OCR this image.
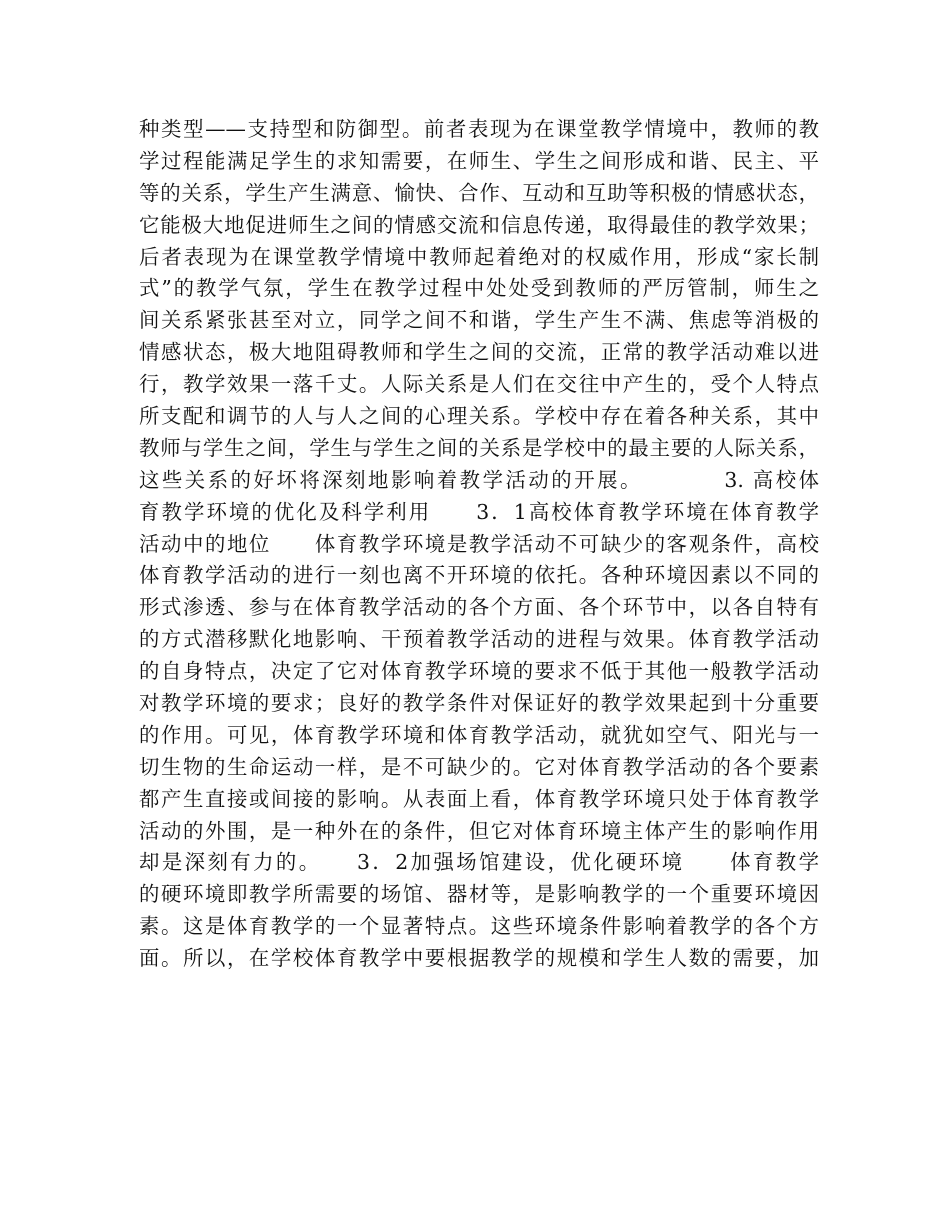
种类型——支持型和防御型。前者表现为在课堂教学情境中，教师的教
学过程能满足学生的求知需要，在师生、学生之间形成和谐、民主、平
等的关系，学生产生满意、愉快、合作、互动和互助等积极的情感状态，
它能极大地促进师生之间的情感交流和信息传递，取得最佳的教学效果；
后者表现为在课堂教学情境中教师起着绝对的权威作用，形成“家长制
式”的教学气氛，学生在教学过程中处处受到教师的严厉管制，师生之
间关系紧张甚至对立，同学之间不和谐，学生产生不满、焦虑等消极的
情感状态，极大地阻碍教师和学生之间的交流，正常的教学活动难以进
行，教学效果一落千丈。人际关系是人们在交往中产生的，受个人特点
所支配和调节的人与人之间的心理关系。学校中存在着各种关系，其中
教师与学生之间，学生与学生之间的关系是学校中的最主要的人际关系，
这些关系的好坏将深刻地影响着教学活动的开展。　　　　3. 高校体
育教学环境的优化及科学利用　　3．1高校体育教学环境在体育教学
活动中的地位　　体育教学环境是教学活动不可缺少的客观条件，高校
体育教学活动的进行一刻也离不开环境的依托。各种环境因素以不同的
形式渗透、参与在体育教学活动的各个方面、各个环节中，以各自特有
的方式潜移默化地影响、干预着教学活动的进程与效果。体育教学活动
的自身特点，决定了它对体育教学环境的要求不低于其他一般教学活动
对教学环境的要求；良好的教学条件对保证好的教学效果起到十分重要
的作用。可见，体育教学环境和体育教学活动，就犹如空气、阳光与一
切生物的生命运动一样，是不可缺少的。它对体育教学活动的各个要素
都产生直接或间接的影响。从表面上看，体育教学环境只处于体育教学
活动的外围，是一种外在的条件，但它对体育环境主体产生的影响作用
却是深刻有力的。　　3．2加强场馆建设，优化硬环境　　体育教学
的硬环境即教学所需要的场馆、器材等，是影响教学的一个重要环境因
素。这是体育教学的一个显著特点。这些环境条件影响着教学的各个方
面。所以，在学校体育教学中要根据教学的规模和学生人数的需要，加
